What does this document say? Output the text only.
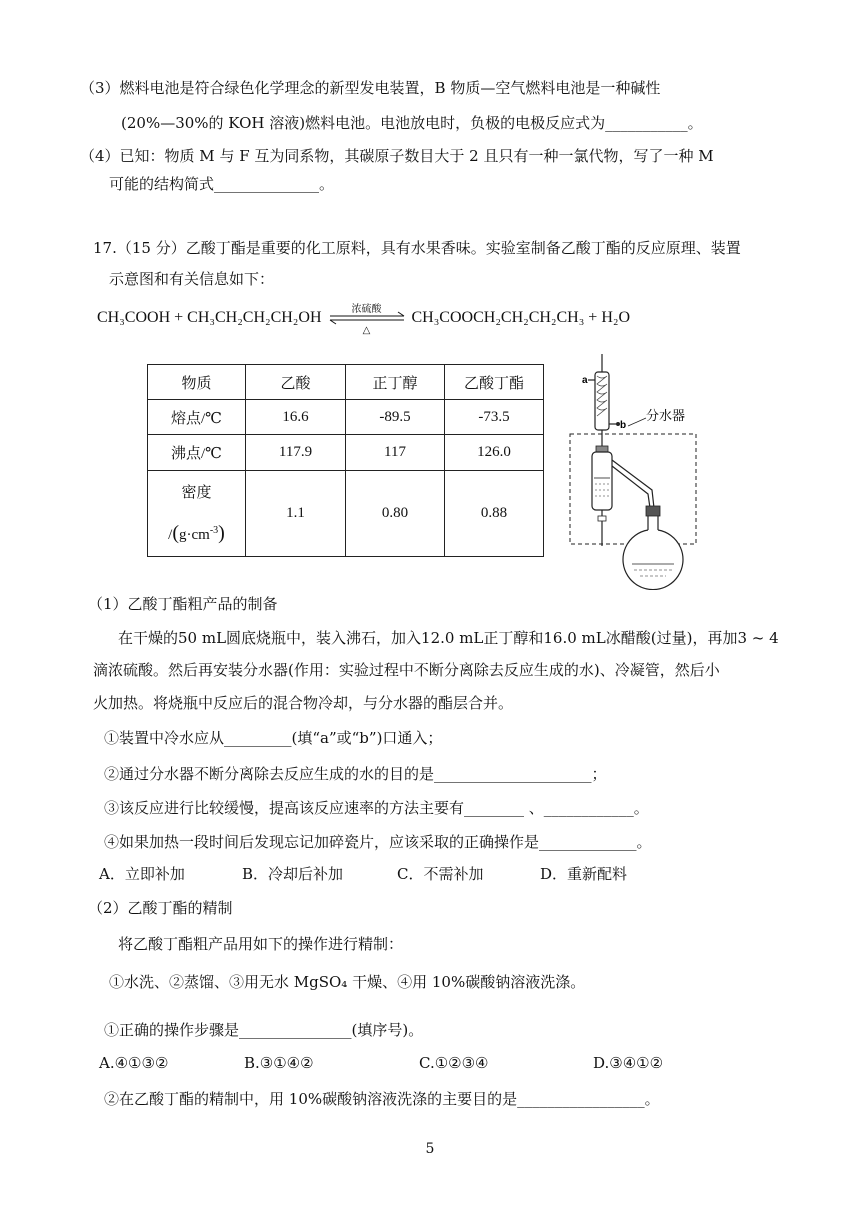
（3）燃料电池是符合绿色化学理念的新型发电装置，B 物质—空气燃料电池是一种碱性
(20%—30%的 KOH 溶液)燃料电池。电池放电时，负极的电极反应式为___________。
（4）已知：物质 M 与 F 互为同系物，其碳原子数目大于 2 且只有一种一氯代物，写了一种 M
可能的结构简式______________。
17.（15 分）乙酸丁酯是重要的化工原料，具有水果香味。实验室制备乙酸丁酯的反应原理、装置
示意图和有关信息如下：
CH₃COOH + CH₃CH₂CH₂CH₂OH	浓硫酸
△
CH₃COOCH₂CH₂CH₂CH₃ + H₂O
物质	乙酸	正丁醇	乙酸丁酯
熔点/℃	16.6	-89.5	-73.5
沸点/℃	117.9	117	126.0

密度
$/(g\cdot cm^{-3})$	1.1	0.80	0.88
a
b
分水器
（1）乙酸丁酯粗产品的制备
在干燥的50 mL圆底烧瓶中，装入沸石，加入12.0 mL正丁醇和16.0 mL冰醋酸(过量)，再加3 ~ 4
滴浓硫酸。然后再安装分水器(作用：实验过程中不断分离除去反应生成的水)、冷凝管，然后小
火加热。将烧瓶中反应后的混合物冷却，与分水器的酯层合并。
①装置中冷水应从_________(填“a”或“b”)口通入；
②通过分水器不断分离除去反应生成的水的目的是_____________________；
③该反应进行比较缓慢，提高该反应速率的方法主要有________ 、____________。
④如果加热一段时间后发现忘记加碎瓷片，应该采取的正确操作是_____________。
A．立即补加	B．冷却后补加	C．不需补加	D．重新配料
（2）乙酸丁酯的精制
将乙酸丁酯粗产品用如下的操作进行精制：
①水洗、②蒸馏、③用无水 MgSO₄ 干燥、④用 10%碳酸钠溶液洗涤。
①正确的操作步骤是_______________(填序号)。
A.④①③②	B.③①④②	C.①②③④	D.③④①②
②在乙酸丁酯的精制中，用 10%碳酸钠溶液洗涤的主要目的是_________________。
5
